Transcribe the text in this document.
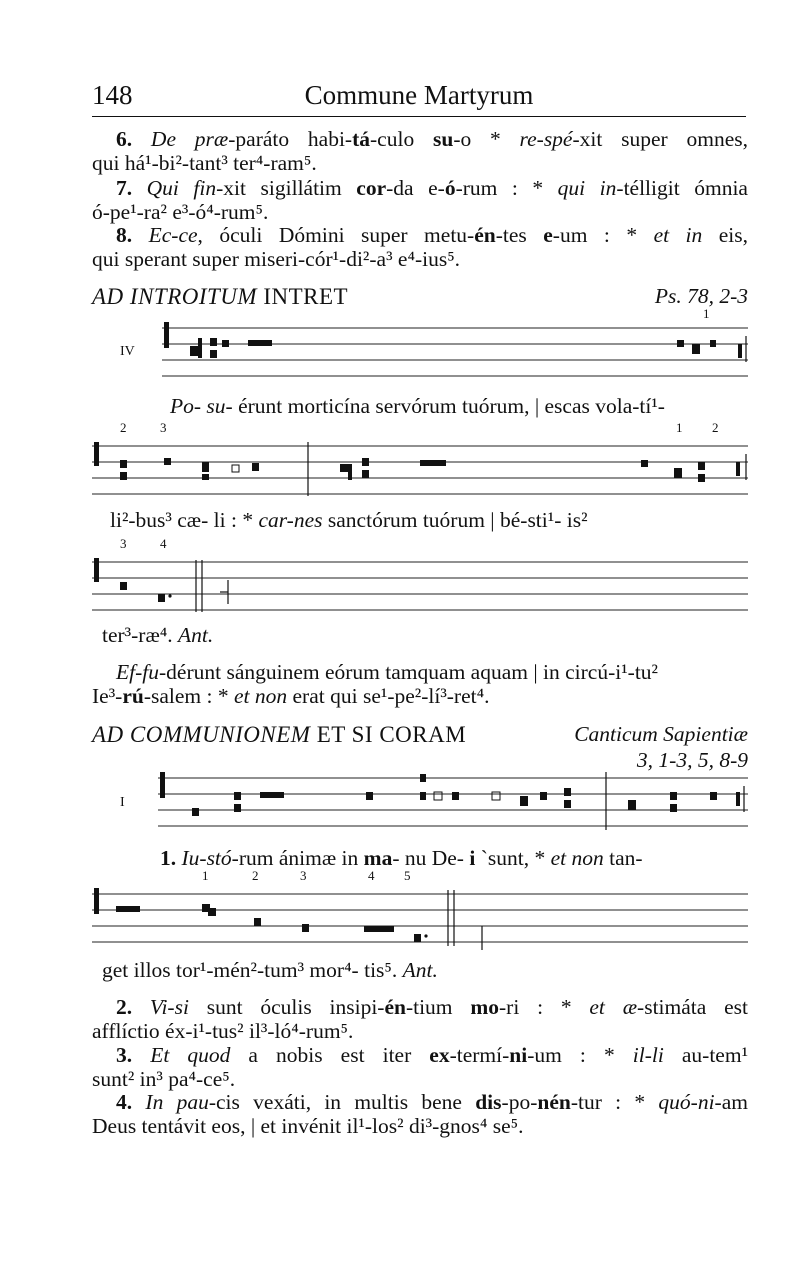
148	Commune Martyrum
6. De præ-paráto habi-tá-culo su-o * re-spé-xit super omnes,
qui há¹-bi²-tant³ ter⁴-ram⁵.
7. Qui fin-xit sigillátim cor-da e-ó-rum : * qui in-télligit ómnia
ó-pe¹-ra² e³-ó⁴-rum⁵.
8. Ec-ce, óculi Dómini super metu-én-tes e-um : * et in eis,
qui sperant super miseri-cór¹-di²-a³ e⁴-ius⁵.
AD INTROITUM INTRET	Ps. 78, 2-3
IV
1
Po- su- érunt morticína servórum tuórum, | escas vola-tí¹-
2	3	1 2
li²-bus³ cæ- li : * car-nes sanctórum tuórum | bé-sti¹- is²
3	4
ter³-ræ⁴. Ant.
Ef-fu-dérunt sánguinem eórum tamquam aquam | in circú-i¹-tu²
Ie³-rú-salem : * et non erat qui se¹-pe²-lí³-ret⁴.
AD COMMUNIONEM ET SI CORAM	Canticum Sapientiæ
3, 1-3, 5, 8-9
I
1. Iu-stó-rum ánimæ in ma- nu De- i `sunt, * et non tan-
1	2	3	4 5
get illos tor¹-mén²-tum³ mor⁴- tis⁵. Ant.
2. Vi-si sunt óculis insipi-én-tium mo-ri : * et æ-stimáta est
afflíctio éx-i¹-tus² il³-ló⁴-rum⁵.
3. Et quod a nobis est iter ex-termí-ni-um : * il-li au-tem¹
sunt² in³ pa⁴-ce⁵.
4. In pau-cis vexáti, in multis bene dis-po-nén-tur : * quó-ni-am
Deus tentávit eos, | et invénit il¹-los² di³-gnos⁴ se⁵.
